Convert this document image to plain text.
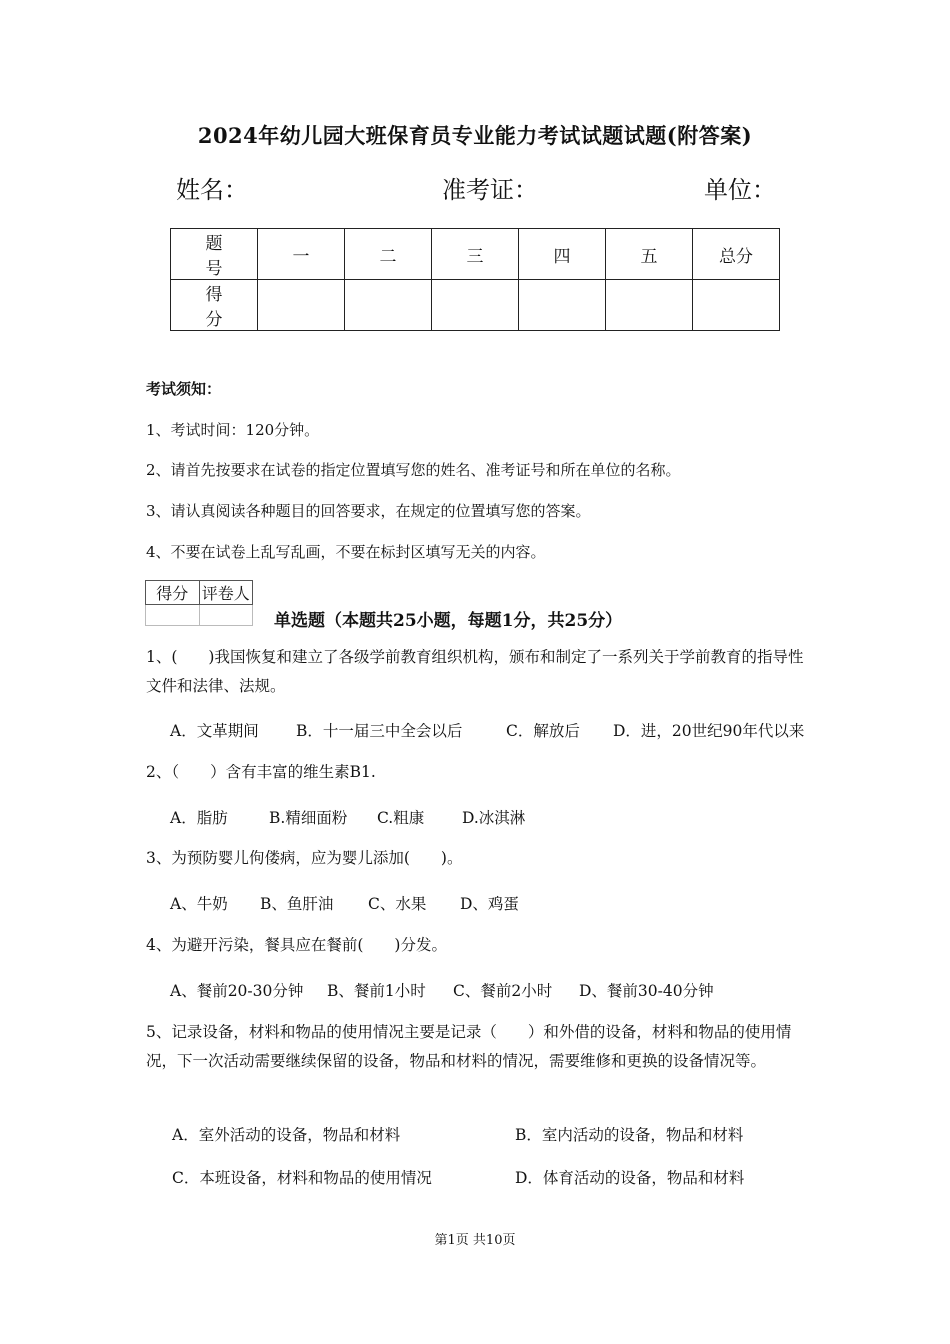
2024年幼儿园大班保育员专业能力考试试题试题(附答案)
姓名：	准考证：	单位：
题 号	一	二	三	四	五	总分
得 分						
考试须知：
1、考试时间：120分钟。
2、请首先按要求在试卷的指定位置填写您的姓名、准考证号和所在单位的名称。
3、请认真阅读各种题目的回答要求，在规定的位置填写您的答案。
4、不要在试卷上乱写乱画，不要在标封区填写无关的内容。
得分	评卷人

单选题（本题共25小题，每题1分，共25分）
1、(　　)我国恢复和建立了各级学前教育组织机构，颁布和制定了一系列关于学前教育的指导性文件和法律、法规。
A．文革期间 B．十一届三中全会以后	C．解放后 D．进，20世纪90年代以来
2、（　　）含有丰富的维生素B1.
A．脂肪	B.精细面粉 C.粗康 D.冰淇淋
3、为预防婴儿佝偻病，应为婴儿添加(　　)。
A、牛奶 B、鱼肝油 C、水果 D、鸡蛋
4、为避开污染，餐具应在餐前(　　)分发。
A、餐前20-30分钟 B、餐前1小时 C、餐前2小时 D、餐前30-40分钟
5、记录设备，材料和物品的使用情况主要是记录（　　）和外借的设备，材料和物品的使用情况，下一次活动需要继续保留的设备，物品和材料的情况，需要维修和更换的设备情况等。
A．室外活动的设备，物品和材料	B．室内活动的设备，物品和材料
C．本班设备，材料和物品的使用情况	D．体育活动的设备，物品和材料
第1页 共10页
